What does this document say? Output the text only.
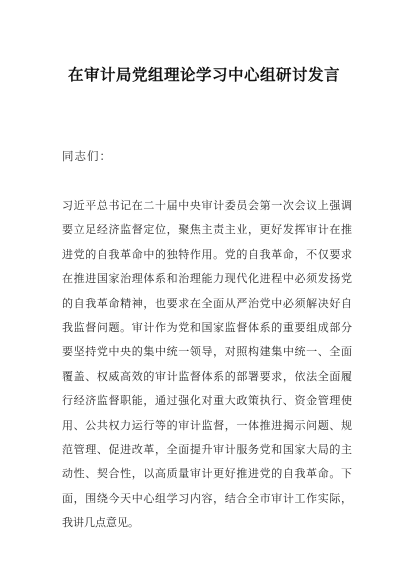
在审计局党组理论学习中心组研讨发言
同志们：
习近平总书记在二十届中央审计委员会第一次会议上强调
要立足经济监督定位，聚焦主责主业，更好发挥审计在推
进党的自我革命中的独特作用。党的自我革命，不仅要求
在推进国家治理体系和治理能力现代化进程中必须发扬党
的自我革命精神，也要求在全面从严治党中必须解决好自
我监督问题。审计作为党和国家监督体系的重要组成部分
要坚持党中央的集中统一领导，对照构建集中统一、全面
覆盖、权威高效的审计监督体系的部署要求，依法全面履
行经济监督职能，通过强化对重大政策执行、资金管理使
用、公共权力运行等的审计监督，一体推进揭示问题、规
范管理、促进改革，全面提升审计服务党和国家大局的主
动性、契合性，以高质量审计更好推进党的自我革命。下
面，围绕今天中心组学习内容，结合全市审计工作实际，
我讲几点意见。
